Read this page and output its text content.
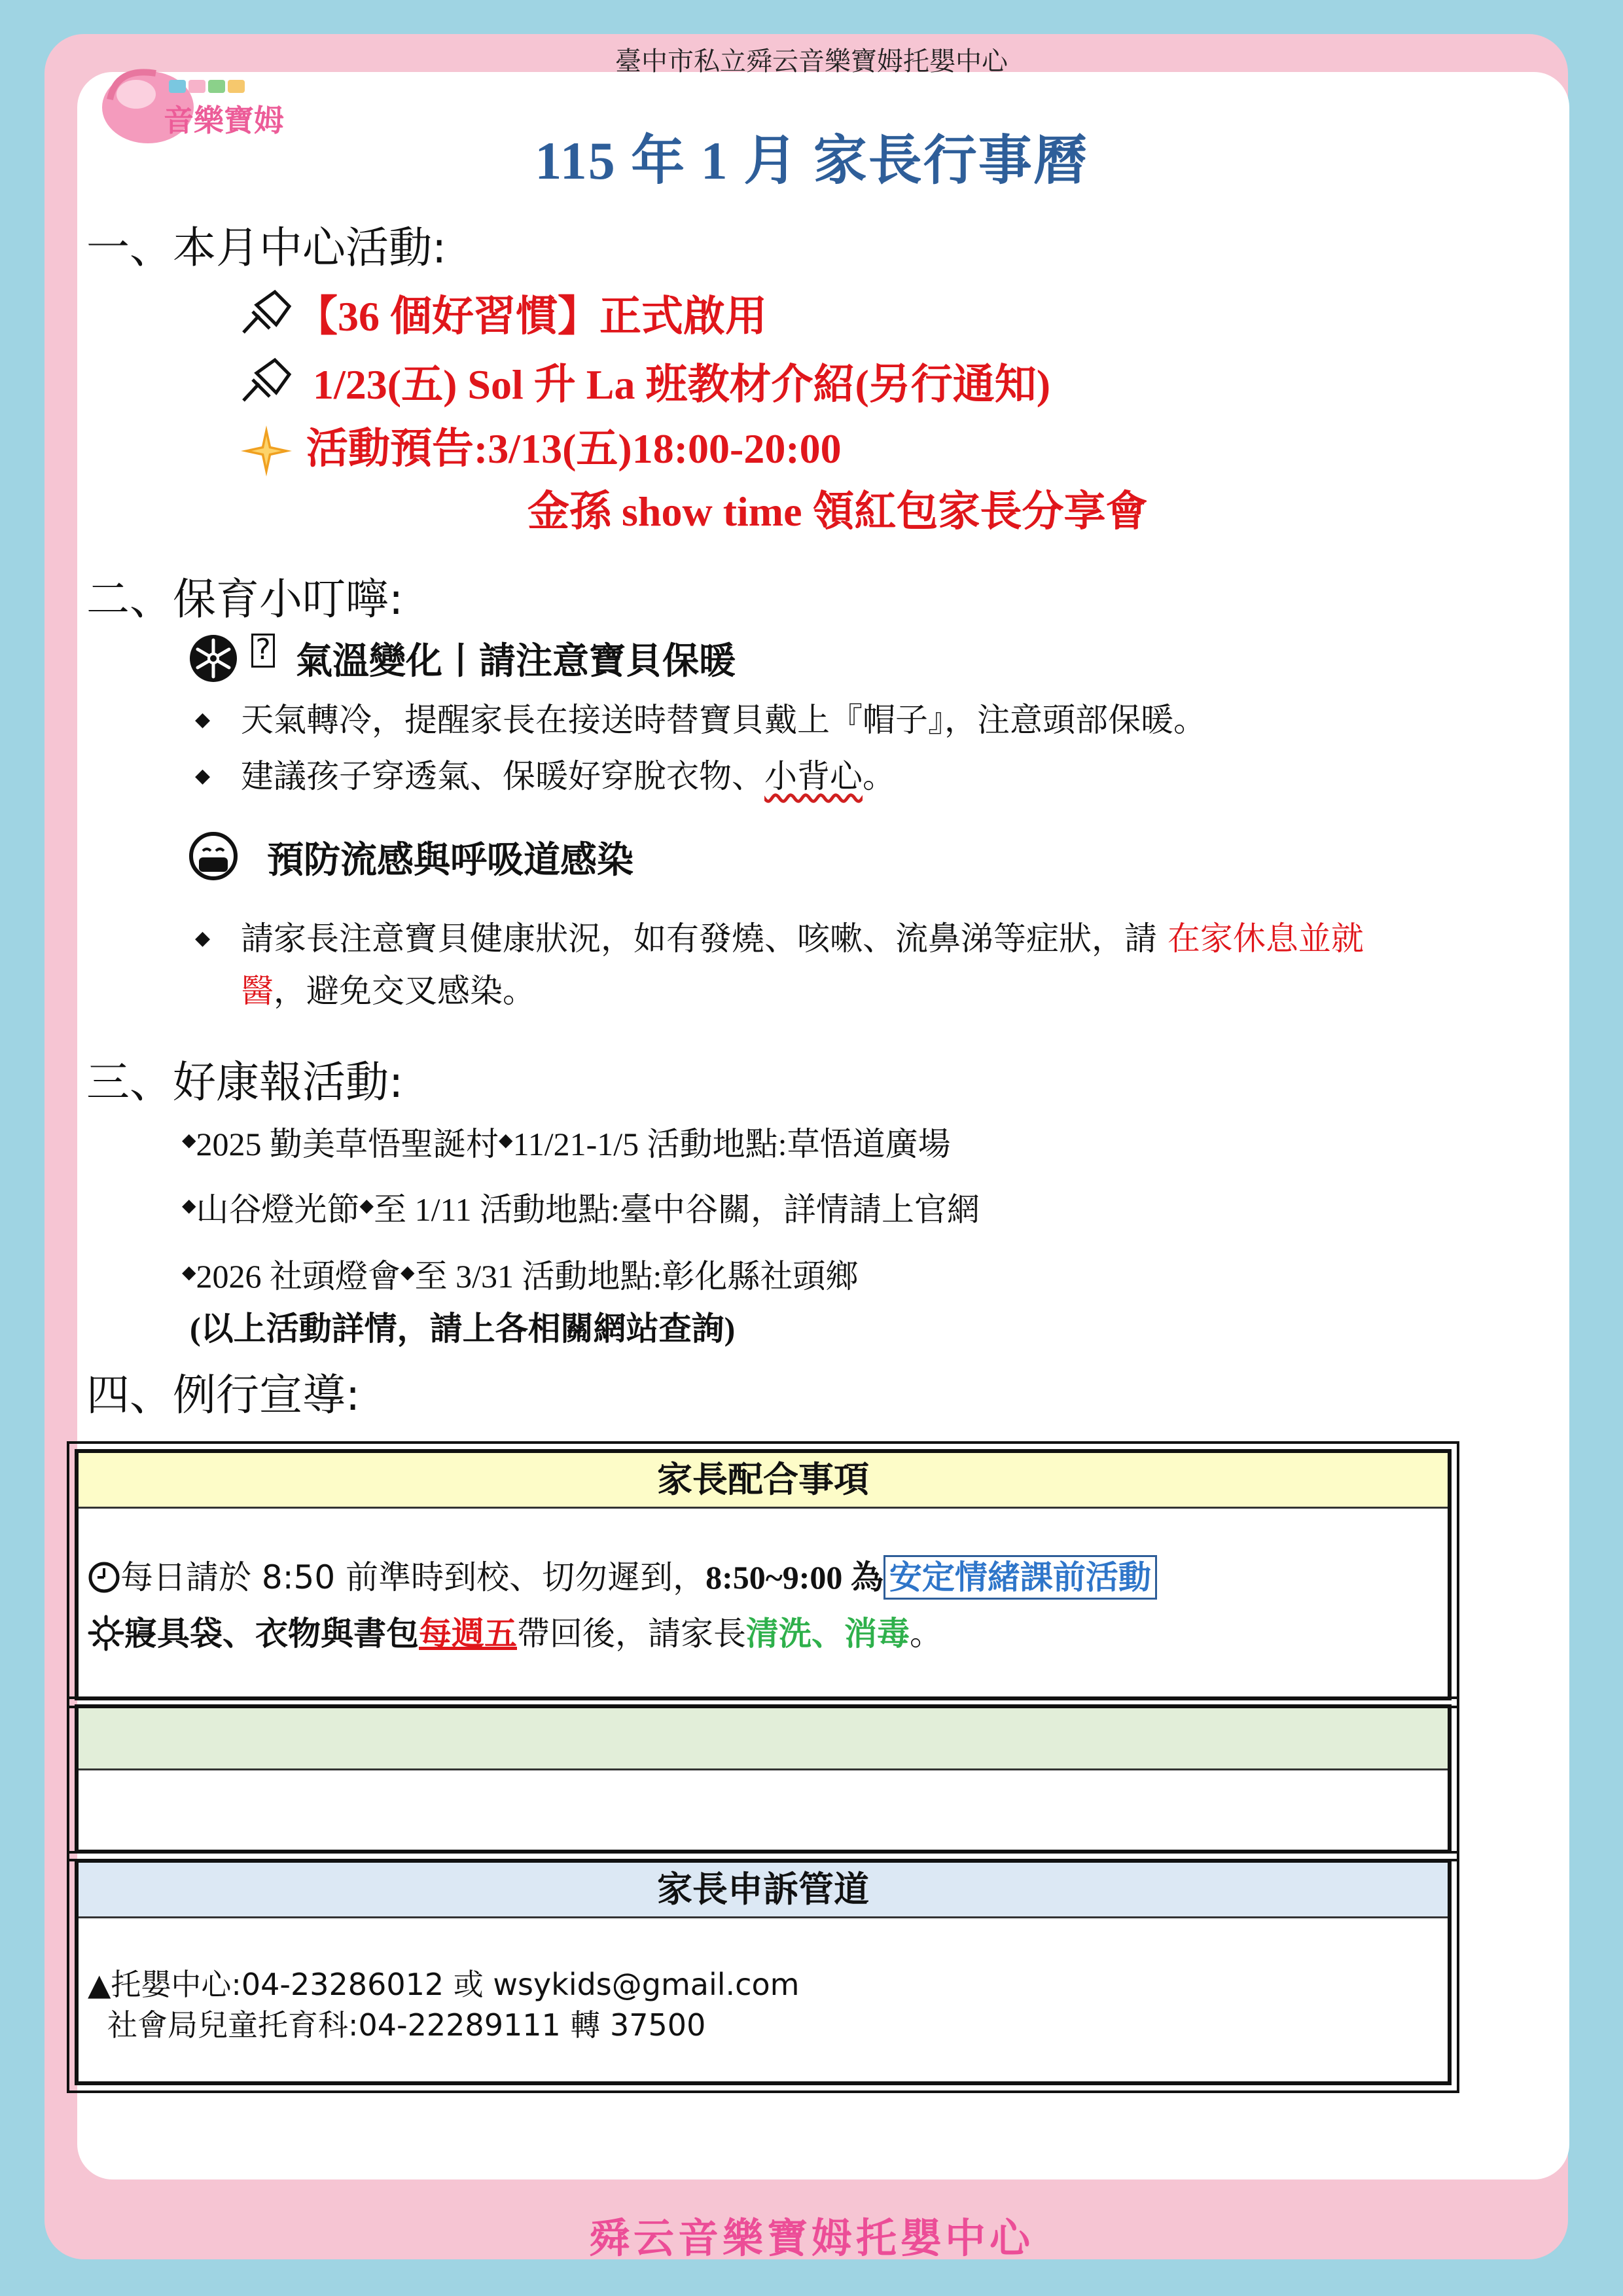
臺中市私立舜云音樂寶姆托嬰中心
音樂寶姆
115 年 1 月 家長行事曆
一、本月中心活動:
【36 個好習慣】正式啟用
1/23(五) Sol 升 La 班教材介紹(另行通知)
活動預告:3/13(五)18:00-20:00
金孫 show time 領紅包家長分享會
二、保育小叮嚀:
? 氣溫變化丨請注意寶貝保暖
◆ 天氣轉冷，提醒家長在接送時替寶貝戴上『帽子』，注意頭部保暖。
◆ 建議孩子穿透氣、保暖好穿脫衣物、小背心。
預防流感與呼吸道感染
◆ 請家長注意寶貝健康狀況，如有發燒、咳嗽、流鼻涕等症狀，請 在家休息並就
醫，避免交叉感染。
三、好康報活動:
◆2025 勤美草悟聖誕村◆11/21-1/5 活動地點:草悟道廣場
◆山谷燈光節◆至 1/11 活動地點:臺中谷關，詳情請上官網
◆2026 社頭燈會◆至 3/31 活動地點:彰化縣社頭鄉
(以上活動詳情，請上各相關網站查詢)
四、例行宣導:
家長配合事項
每日請於 8:50 前準時到校、切勿遲到，8:50~9:00 為 安定情緒課前活動
寢具袋、衣物與書包每週五帶回後，請家長清洗、消毒。
家長申訴管道
▲托嬰中心:04-23286012 或 wsykids@gmail.com
社會局兒童托育科:04-22289111 轉 37500
舜云音樂寶姆托嬰中心
